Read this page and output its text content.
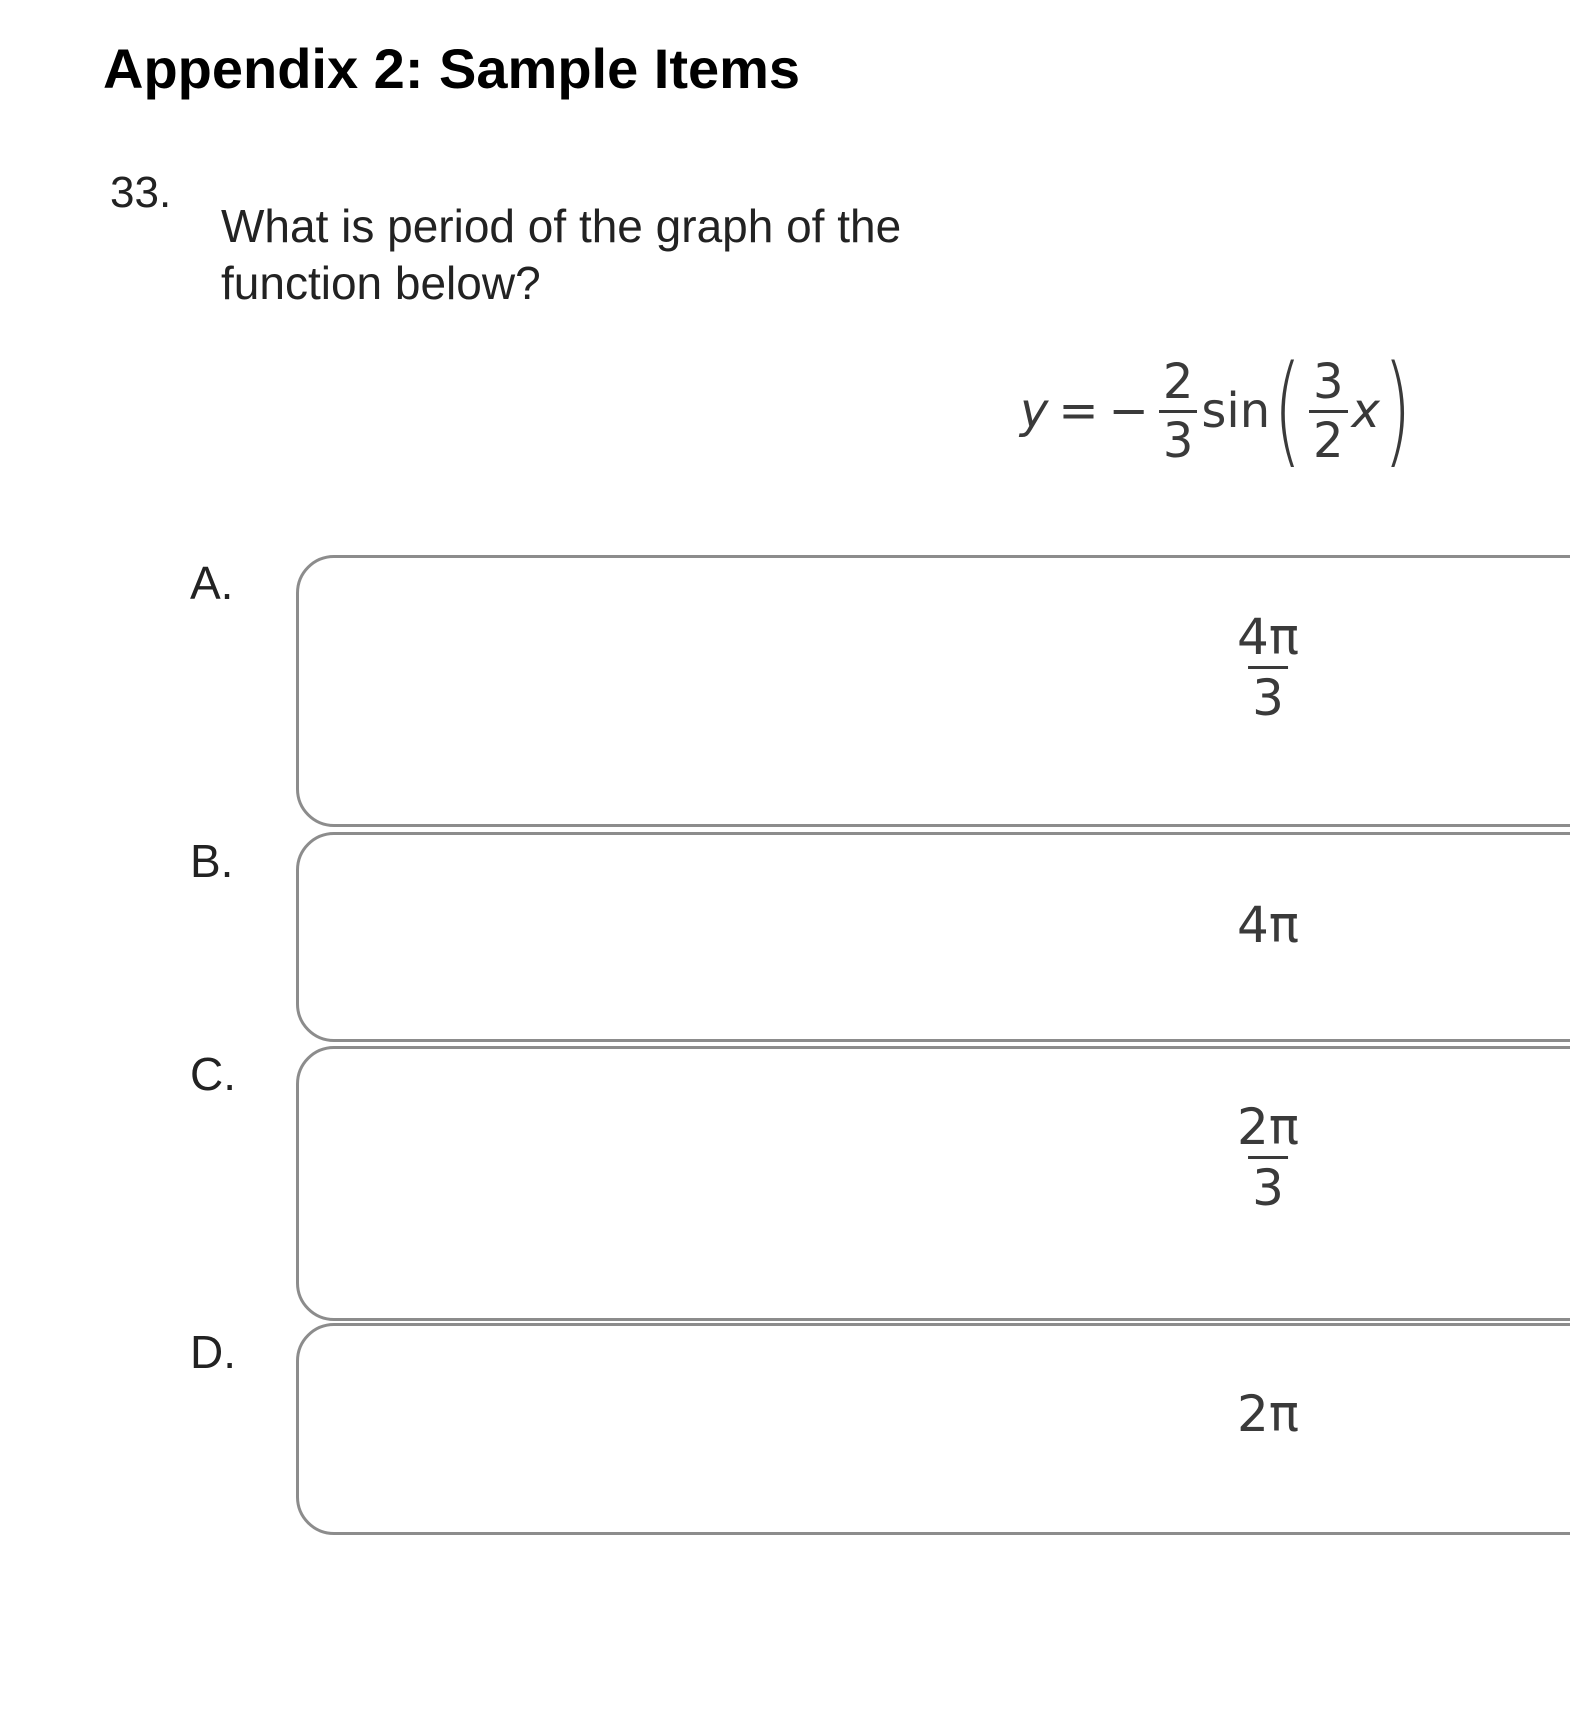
Appendix 2: Sample Items
33.
What is period of the graph of the function below?
y = − $\frac{2}{3}$ sin ( $\frac{3}{2}$ x )
A.
$\frac{4\pi}{3}$
B.
4π
C.
$\frac{2\pi}{3}$
D.
2π
